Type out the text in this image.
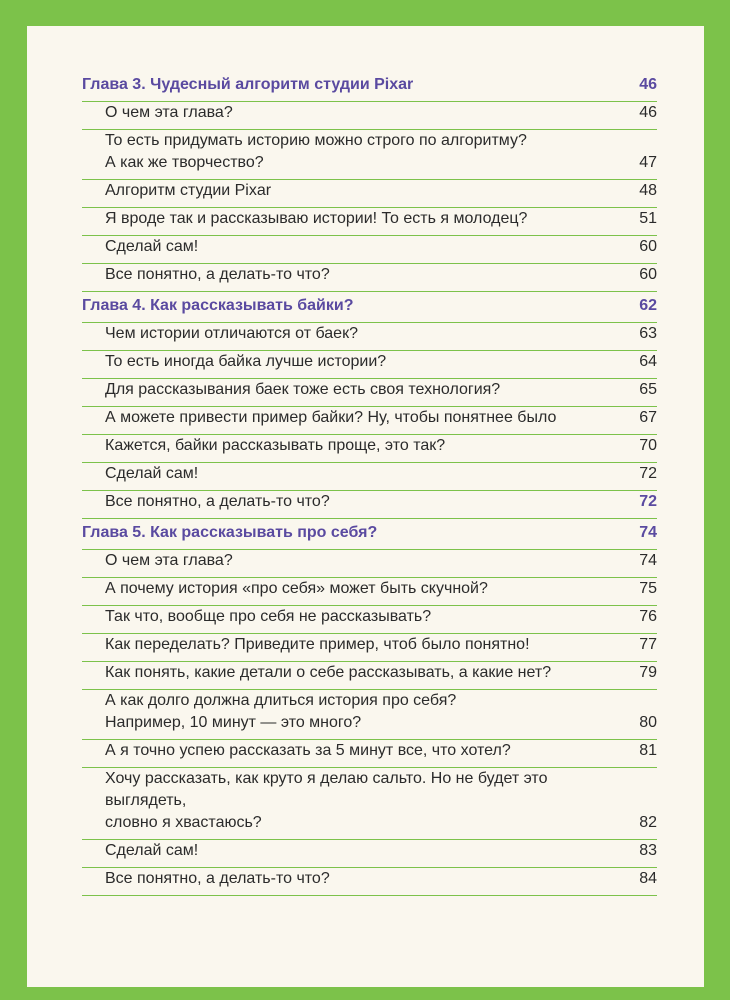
Глава 3. Чудесный алгоритм студии Pixar	46
О чем эта глава?	46
То есть придумать историю можно строго по алгоритму?
А как же творчество?	47
Алгоритм студии Pixar	48
Я вроде так и рассказываю истории! То есть я молодец?	51
Сделай сам!	60
Все понятно, а делать-то что?	60
Глава 4. Как рассказывать байки?	62
Чем истории отличаются от баек?	63
То есть иногда байка лучше истории?	64
Для рассказывания баек тоже есть своя технология?	65
А можете привести пример байки? Ну, чтобы понятнее было	67
Кажется, байки рассказывать проще, это так?	70
Сделай сам!	72
Все понятно, а делать-то что?	72
Глава 5. Как рассказывать про себя?	74
О чем эта глава?	74
А почему история «про себя» может быть скучной?	75
Так что, вообще про себя не рассказывать?	76
Как переделать? Приведите пример, чтоб было понятно!	77
Как понять, какие детали о себе рассказывать, а какие нет?	79
А как долго должна длиться история про себя?
Например, 10 минут — это много?	80
А я точно успею рассказать за 5 минут все, что хотел?	81
Хочу рассказать, как круто я делаю сальто. Но не будет это выглядеть,
словно я хвастаюсь?	82
Сделай сам!	83
Все понятно, а делать-то что?	84
